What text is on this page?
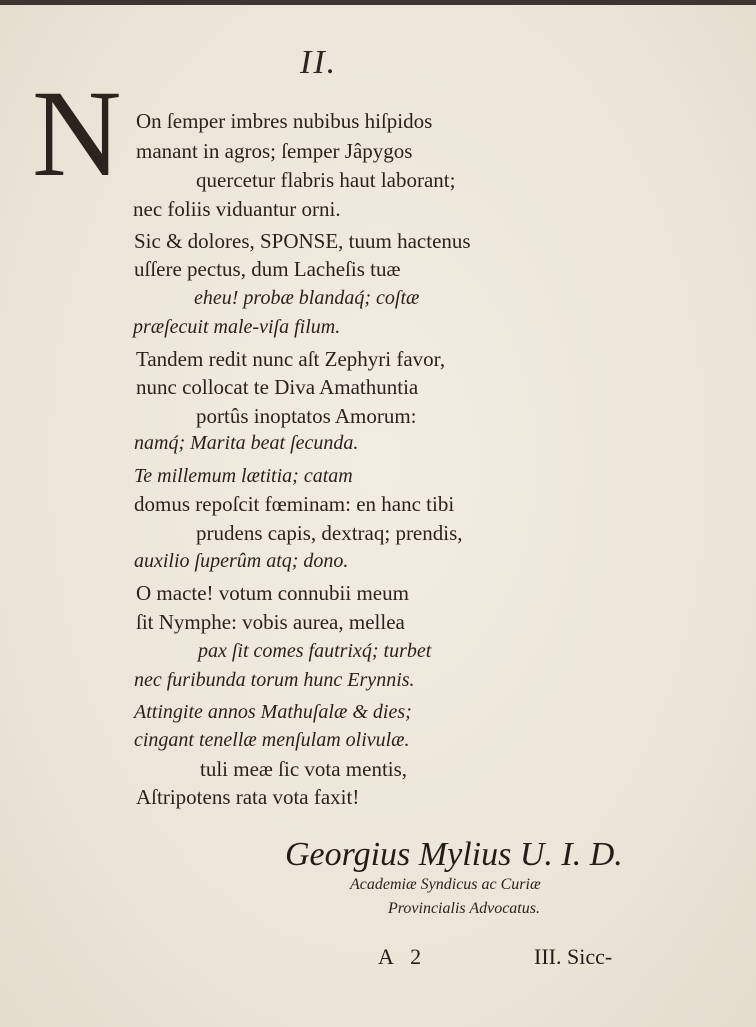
II.
N On ſemper imbres nubibus hiſpidos
manant in agros; ſemper Jâpygos
quercetur flabris haut laborant;
nec foliis viduantur orni.
Sic & dolores, SPONSE, tuum hactenus
uſſere pectus, dum Lacheſis tuæ
eheu! probæ blandaq́; coſtæ
præſecuit male-viſa filum.
Tandem redit nunc aſt Zephyri favor,
nunc collocat te Diva Amathuntia
portûs inoptatos Amorum:
namq́; Marita beat ſecunda.
Te millemum lætitia; catam
domus repoſcit fœminam: en hanc tibi
prudens capis, dextraq; prendis,
auxilio ſuperûm atq; dono.
O macte! votum connubii meum
ſit Nymphe: vobis aurea, mellea
pax ſit comes fautrixq́; turbet
nec furibunda torum hunc Erynnis.
Attingite annos Mathuſalæ & dies;
cingant tenellæ menſulam olivulæ.
tuli meæ ſic vota mentis,
Aſtripotens rata vota faxit!
Georgius Mylius U. I. D.
Academiæ Syndicus ac Curiæ
Provincialis Advocatus.
A 2	III. Sicc-
